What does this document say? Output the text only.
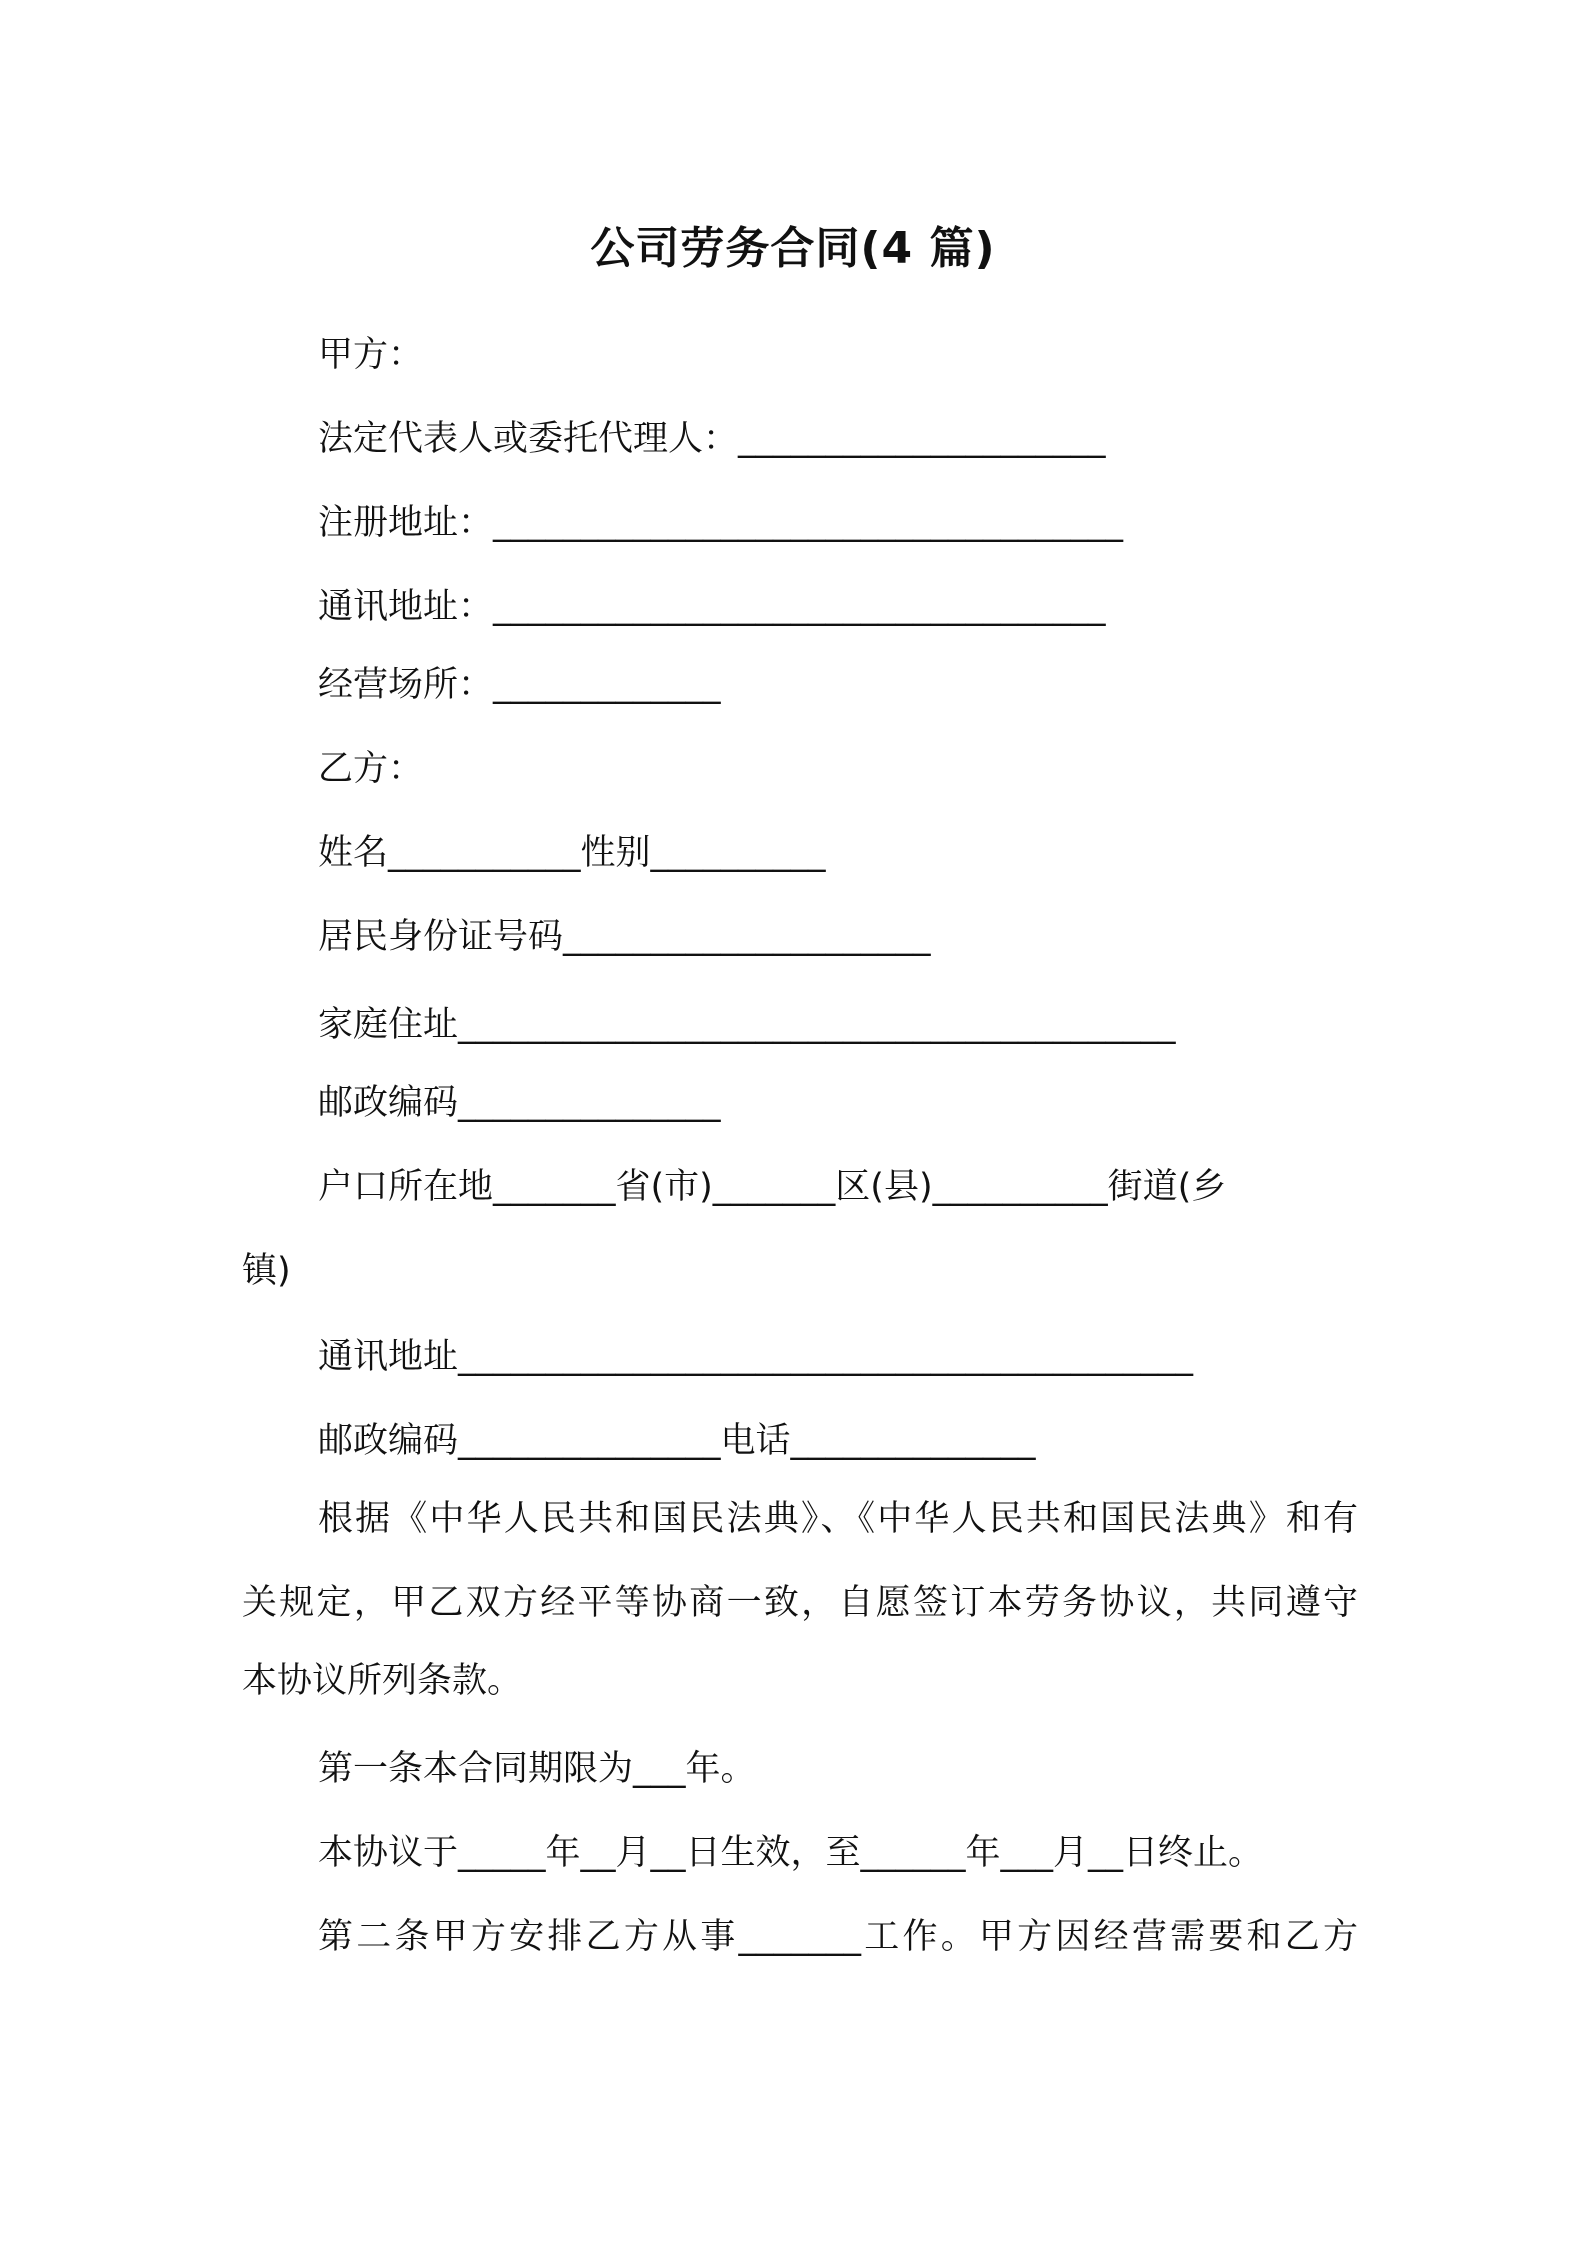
公司劳务合同(4 篇)
甲方：
法定代表人或委托代理人：_____________________
注册地址：____________________________________
通讯地址：___________________________________
经营场所：_____________
乙方：
姓名___________性别__________
居民身份证号码_____________________
家庭住址_________________________________________
邮政编码_______________
户口所在地_______省(市)_______区(县)__________街道(乡
镇)
通讯地址__________________________________________
邮政编码_______________电话______________
根据《中华人民共和国民法典》、《中华人民共和国民法典》和有
关规定，甲乙双方经平等协商一致，自愿签订本劳务协议，共同遵守
本协议所列条款。
第一条本合同期限为___年。
本协议于_____年__月__日生效，至______年___月__日终止。
第二条甲方安排乙方从事_______工作。甲方因经营需要和乙方
